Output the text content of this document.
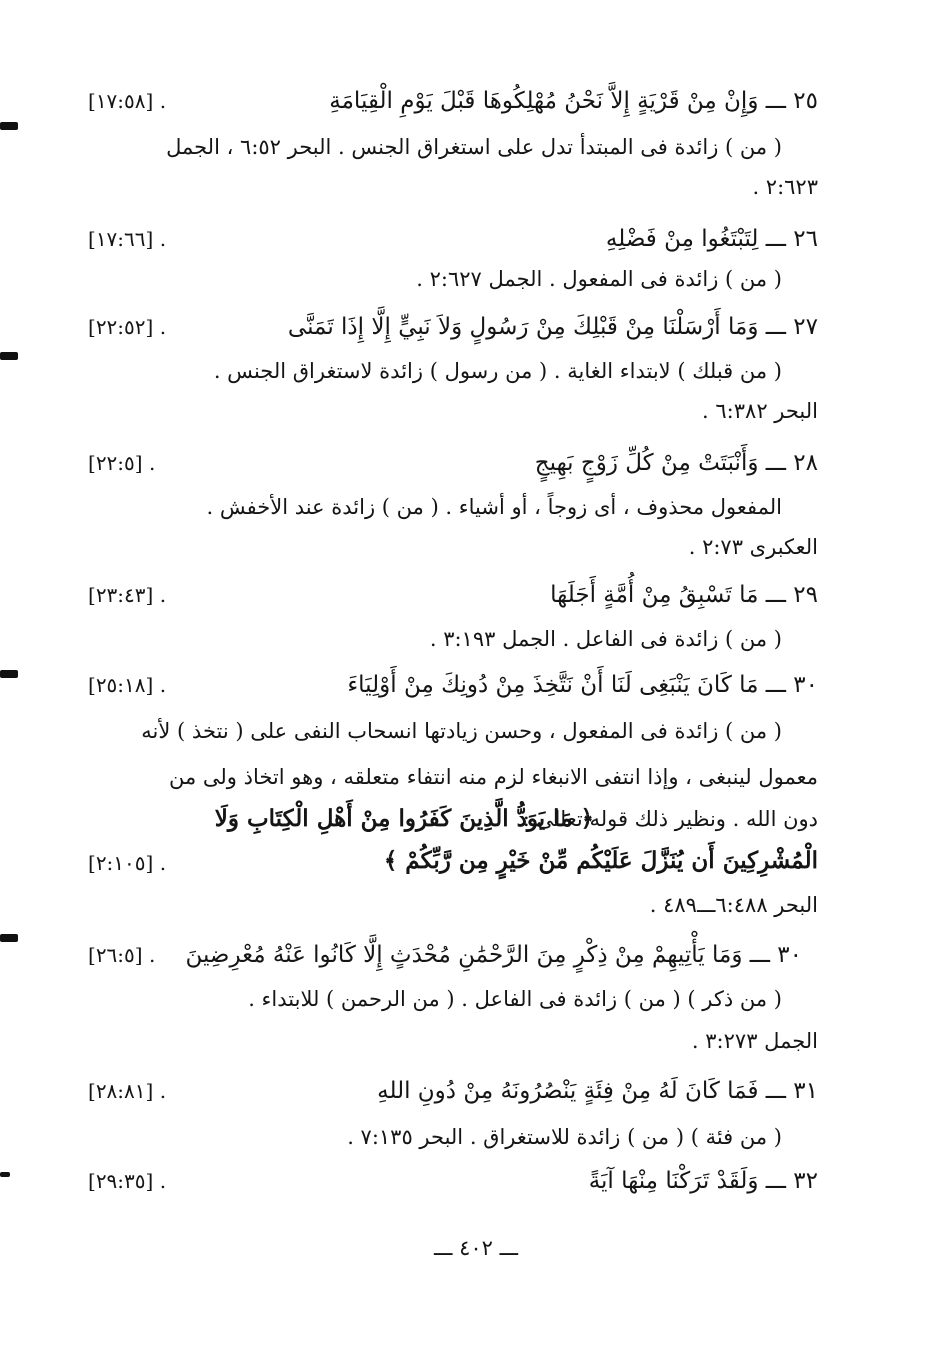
٢٥ ـــ وَإِنْ مِنْ قَرْيَةٍ إِلاَّ نَحْنُ مُهْلِكُوهَا قَبْلَ يَوْمِ الْقِيَامَةِ
[١٧:٥٨] .
( من ) زائدة فى المبتدأ تدل على استغراق الجنس . البحر ٦:٥٢ ، الجمل
٢:٦٢٣ .
٢٦ ـــ لِتَبْتَغُوا مِنْ فَضْلِهِ
[١٧:٦٦] .
( من ) زائدة فى المفعول . الجمل ٢:٦٢٧ .
٢٧ ـــ وَمَا أَرْسَلْنَا مِنْ قَبْلِكَ مِنْ رَسُولٍ وَلاَ نَبِيٍّ إِلَّا إِذَا تَمَنَّى
[٢٢:٥٢] .
( من قبلك ) لابتداء الغاية . ( من رسول ) زائدة لاستغراق الجنس .
البحر ٦:٣٨٢ .
٢٨ ـــ وَأَنْبَتَتْ مِنْ كُلِّ زَوْجٍ بَهِيجٍ
[٢٢:٥] .
المفعول محذوف ، أى زوجاً ، أو أشياء . ( من ) زائدة عند الأخفش .
العكبرى ٢:٧٣ .
٢٩ ـــ مَا تَسْبِقُ مِنْ أُمَّةٍ أَجَلَهَا
[٢٣:٤٣] .
( من ) زائدة فى الفاعل . الجمل ٣:١٩٣ .
٣٠ ـــ مَا كَانَ يَنْبَغِى لَنَا أَنْ نَتَّخِذَ مِنْ دُونِكَ مِنْ أَوْلِيَاءَ
[٢٥:١٨] .
( من ) زائدة فى المفعول ، وحسن زيادتها انسحاب النفى على ( نتخذ ) لأنه
معمول لينبغى ، وإذا انتفى الانبغاء لزم منه انتفاء متعلقه ، وهو اتخاذ ولى من
دون الله . ونظير ذلك قوله تعالى :
﴿ مَا يَوَدُّ الَّذِينَ كَفَرُوا مِنْ أَهْلِ الْكِتَابِ وَلَا
الْمُشْرِكِينَ أَن يُنَزَّلَ عَلَيْكُم مِّنْ خَيْرٍ مِن رَّبِّكُمْ ﴾
[٢:١٠٥] .
البحر ٦:٤٨٨ـــ٤٨٩ .
٣٠ ـــ وَمَا يَأْتِيهِمْ مِنْ ذِكْرٍ مِنَ الرَّحْمَٰنِ مُحْدَثٍ إِلَّا كَانُوا عَنْهُ مُعْرِضِينَ
[٢٦:٥] .
( من ذكر ) ( من ) زائدة فى الفاعل . ( من الرحمن ) للابتداء .
الجمل ٣:٢٧٣ .
٣١ ـــ فَمَا كَانَ لَهُ مِنْ فِئَةٍ يَنْصُرُونَهُ مِنْ دُونِ اللهِ
[٢٨:٨١] .
( من فئة ) ( من ) زائدة للاستغراق . البحر ٧:١٣٥ .
٣٢ ـــ وَلَقَدْ تَرَكْنَا مِنْهَا آيَةً
[٢٩:٣٥] .
ـــ ٤٠٢ ـــ
